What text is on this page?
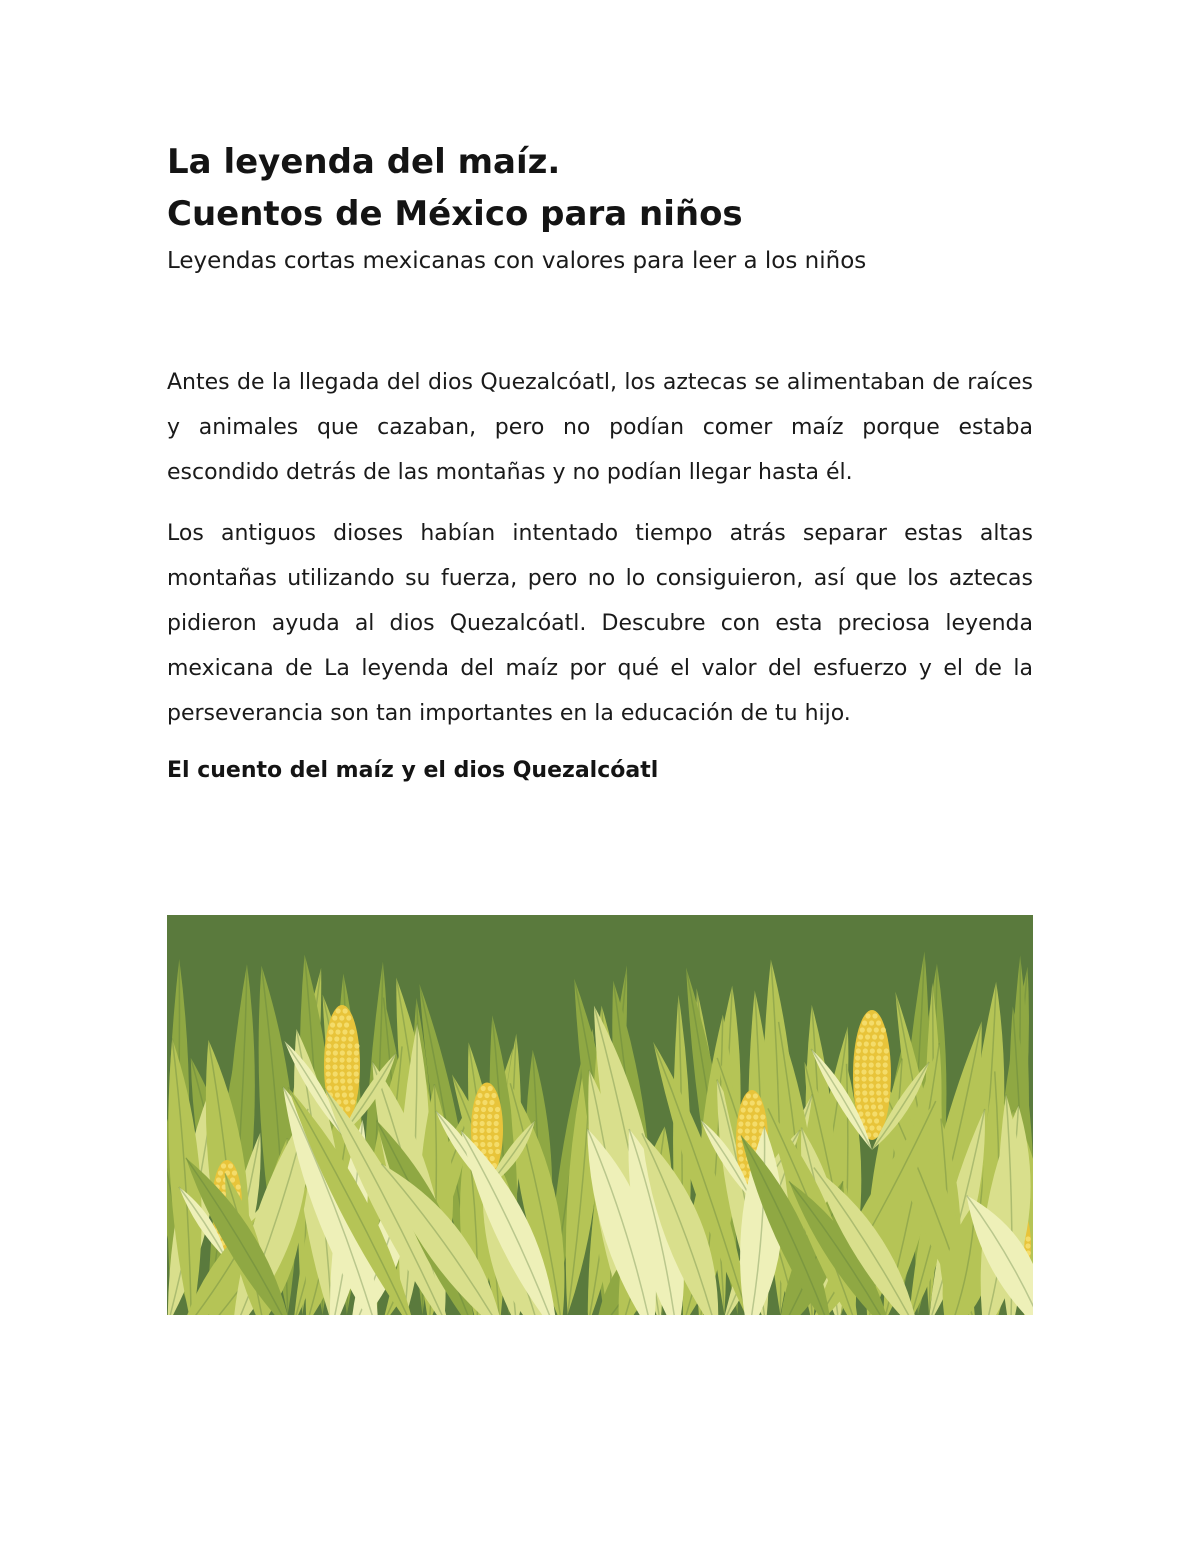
La leyenda del maíz.
Cuentos de México para niños

Leyendas cortas mexicanas con valores para leer a los niños

Antes de la llegada del dios Quezalcóatl, los aztecas se alimentaban de raíces y animales que cazaban, pero no podían comer maíz porque estaba escondido detrás de las montañas y no podían llegar hasta él.

Los antiguos dioses habían intentado tiempo atrás separar estas altas montañas utilizando su fuerza, pero no lo consiguieron, así que los aztecas pidieron ayuda al dios Quezalcóatl. Descubre con esta preciosa leyenda mexicana de La leyenda del maíz por qué el valor del esfuerzo y el de la perseverancia son tan importantes en la educación de tu hijo.

El cuento del maíz y el dios Quezalcóatl
